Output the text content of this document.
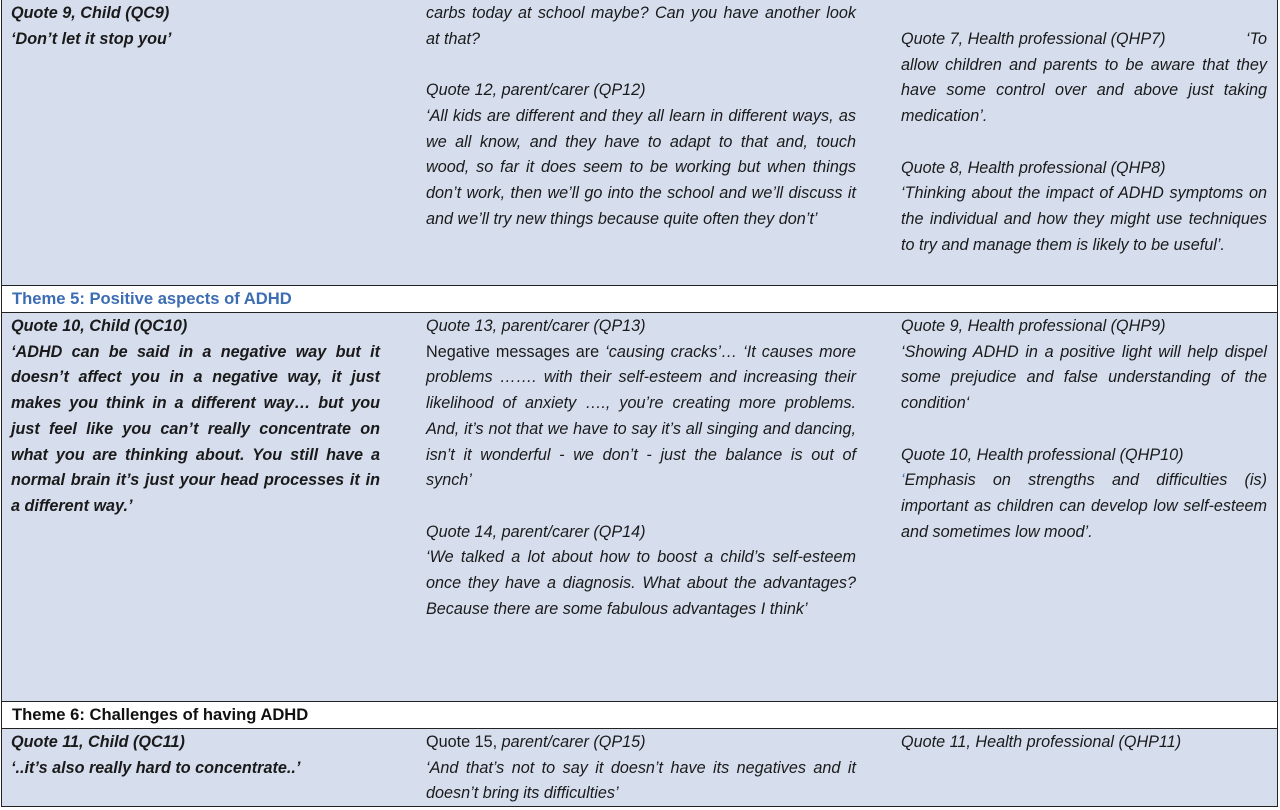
Quote 9, Child (QC9)
‘Don’t let it stop you’
carbs today at school maybe? Can you have another look at that?
Quote 12, parent/carer (QP12)
‘All kids are different and they all learn in different ways, as we all know, and they have to adapt to that and, touch wood, so far it does seem to be working but when things don’t work, then we’ll go into the school and we’ll discuss it and we’ll try new things because quite often they don’t’
Quote 7, Health professional (QHP7)	‘To
allow children and parents to be aware that they have some control over and above just taking medication’.
Quote 8, Health professional (QHP8)
‘Thinking about the impact of ADHD symptoms on the individual and how they might use techniques to try and manage them is likely to be useful’.
Theme 5: Positive aspects of ADHD
Quote 10, Child (QC10)
‘ADHD can be said in a negative way but it doesn’t affect you in a negative way, it just makes you think in a different way… but you just feel like you can’t really concentrate on what you are thinking about. You still have a normal brain it’s just your head processes it in a different way.’
Quote 13, parent/carer (QP13)
Negative messages are ‘causing cracks’… ‘It causes more problems ……. with their self-esteem and increasing their likelihood of anxiety …., you’re creating more problems. And, it’s not that we have to say it’s all singing and dancing, isn’t it wonderful - we don’t - just the balance is out of synch’
Quote 14, parent/carer (QP14)
‘We talked a lot about how to boost a child’s self-esteem once they have a diagnosis. What about the advantages? Because there are some fabulous advantages I think’
Quote 9, Health professional (QHP9)
‘Showing ADHD in a positive light will help dispel some prejudice and false understanding of the condition‘
Quote 10, Health professional (QHP10)
‘Emphasis on strengths and difficulties (is) important as children can develop low self-esteem and sometimes low mood’.
Theme 6: Challenges of having ADHD
Quote 11, Child (QC11)
‘..it’s also really hard to concentrate..’
Quote 15, parent/carer (QP15)
‘And that’s not to say it doesn’t have its negatives and it doesn’t bring its difficulties’
Quote 11, Health professional (QHP11)
